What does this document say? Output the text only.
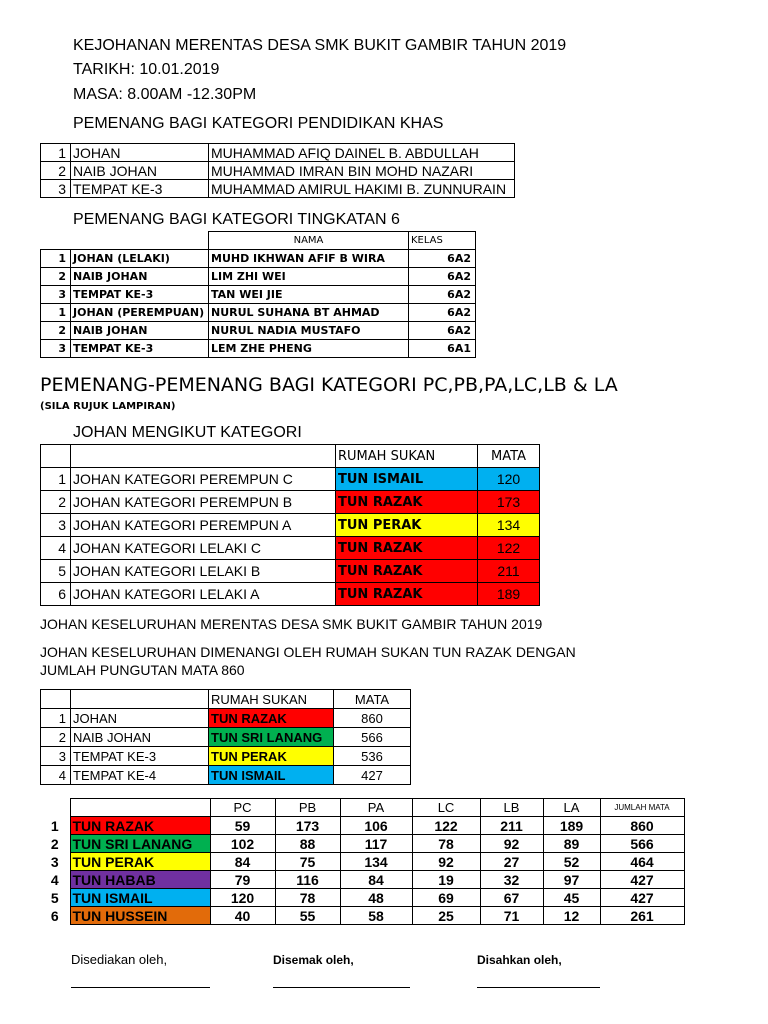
KEJOHANAN MERENTAS DESA SMK BUKIT GAMBIR TAHUN 2019
TARIKH: 10.01.2019
MASA: 8.00AM -12.30PM
PEMENANG BAGI KATEGORI PENDIDIKAN KHAS
1	JOHAN	MUHAMMAD AFIQ DAINEL B. ABDULLAH
2	NAIB JOHAN	MUHAMMAD IMRAN BIN MOHD NAZARI
3	TEMPAT KE-3	MUHAMMAD AMIRUL HAKIMI B. ZUNNURAIN
PEMENANG BAGI KATEGORI TINGKATAN 6
		NAMA	KELAS
1	JOHAN (LELAKI)	MUHD IKHWAN AFIF B WIRA	6A2
2	NAIB JOHAN	LIM ZHI WEI	6A2
3	TEMPAT KE-3	TAN WEI JIE	6A2
1	JOHAN (PEREMPUAN)	NURUL SUHANA BT AHMAD	6A2
2	NAIB JOHAN	NURUL NADIA MUSTAFO	6A2
3	TEMPAT KE-3	LEM ZHE PHENG	6A1
PEMENANG-PEMENANG BAGI KATEGORI PC,PB,PA,LC,LB & LA
(SILA RUJUK LAMPIRAN)
JOHAN MENGIKUT KATEGORI
		RUMAH SUKAN	MATA
1	JOHAN KATEGORI PEREMPUN C	TUN ISMAIL	120
2	JOHAN KATEGORI PEREMPUN B	TUN RAZAK	173
3	JOHAN KATEGORI PEREMPUN A	TUN PERAK	134
4	JOHAN KATEGORI LELAKI C	TUN RAZAK	122
5	JOHAN KATEGORI LELAKI B	TUN RAZAK	211
6	JOHAN KATEGORI LELAKI A	TUN RAZAK	189
JOHAN KESELURUHAN MERENTAS DESA SMK BUKIT GAMBIR TAHUN 2019
JOHAN KESELURUHAN DIMENANGI OLEH RUMAH SUKAN TUN RAZAK DENGAN
JUMLAH PUNGUTAN MATA 860
		RUMAH SUKAN	MATA
1	JOHAN	TUN RAZAK	860
2	NAIB JOHAN	TUN SRI LANANG	566
3	TEMPAT KE-3	TUN PERAK	536
4	TEMPAT KE-4	TUN ISMAIL	427
		PC	PB	PA	LC	LB	LA	JUMLAH MATA
1	TUN RAZAK	59	173	106	122	211	189	860
2	TUN SRI LANANG	102	88	117	78	92	89	566
3	TUN PERAK	84	75	134	92	27	52	464
4	TUN HABAB	79	116	84	19	32	97	427
5	TUN ISMAIL	120	78	48	69	67	45	427
6	TUN HUSSEIN	40	55	58	25	71	12	261
Disediakan oleh,	Disemak oleh,	Disahkan oleh,
